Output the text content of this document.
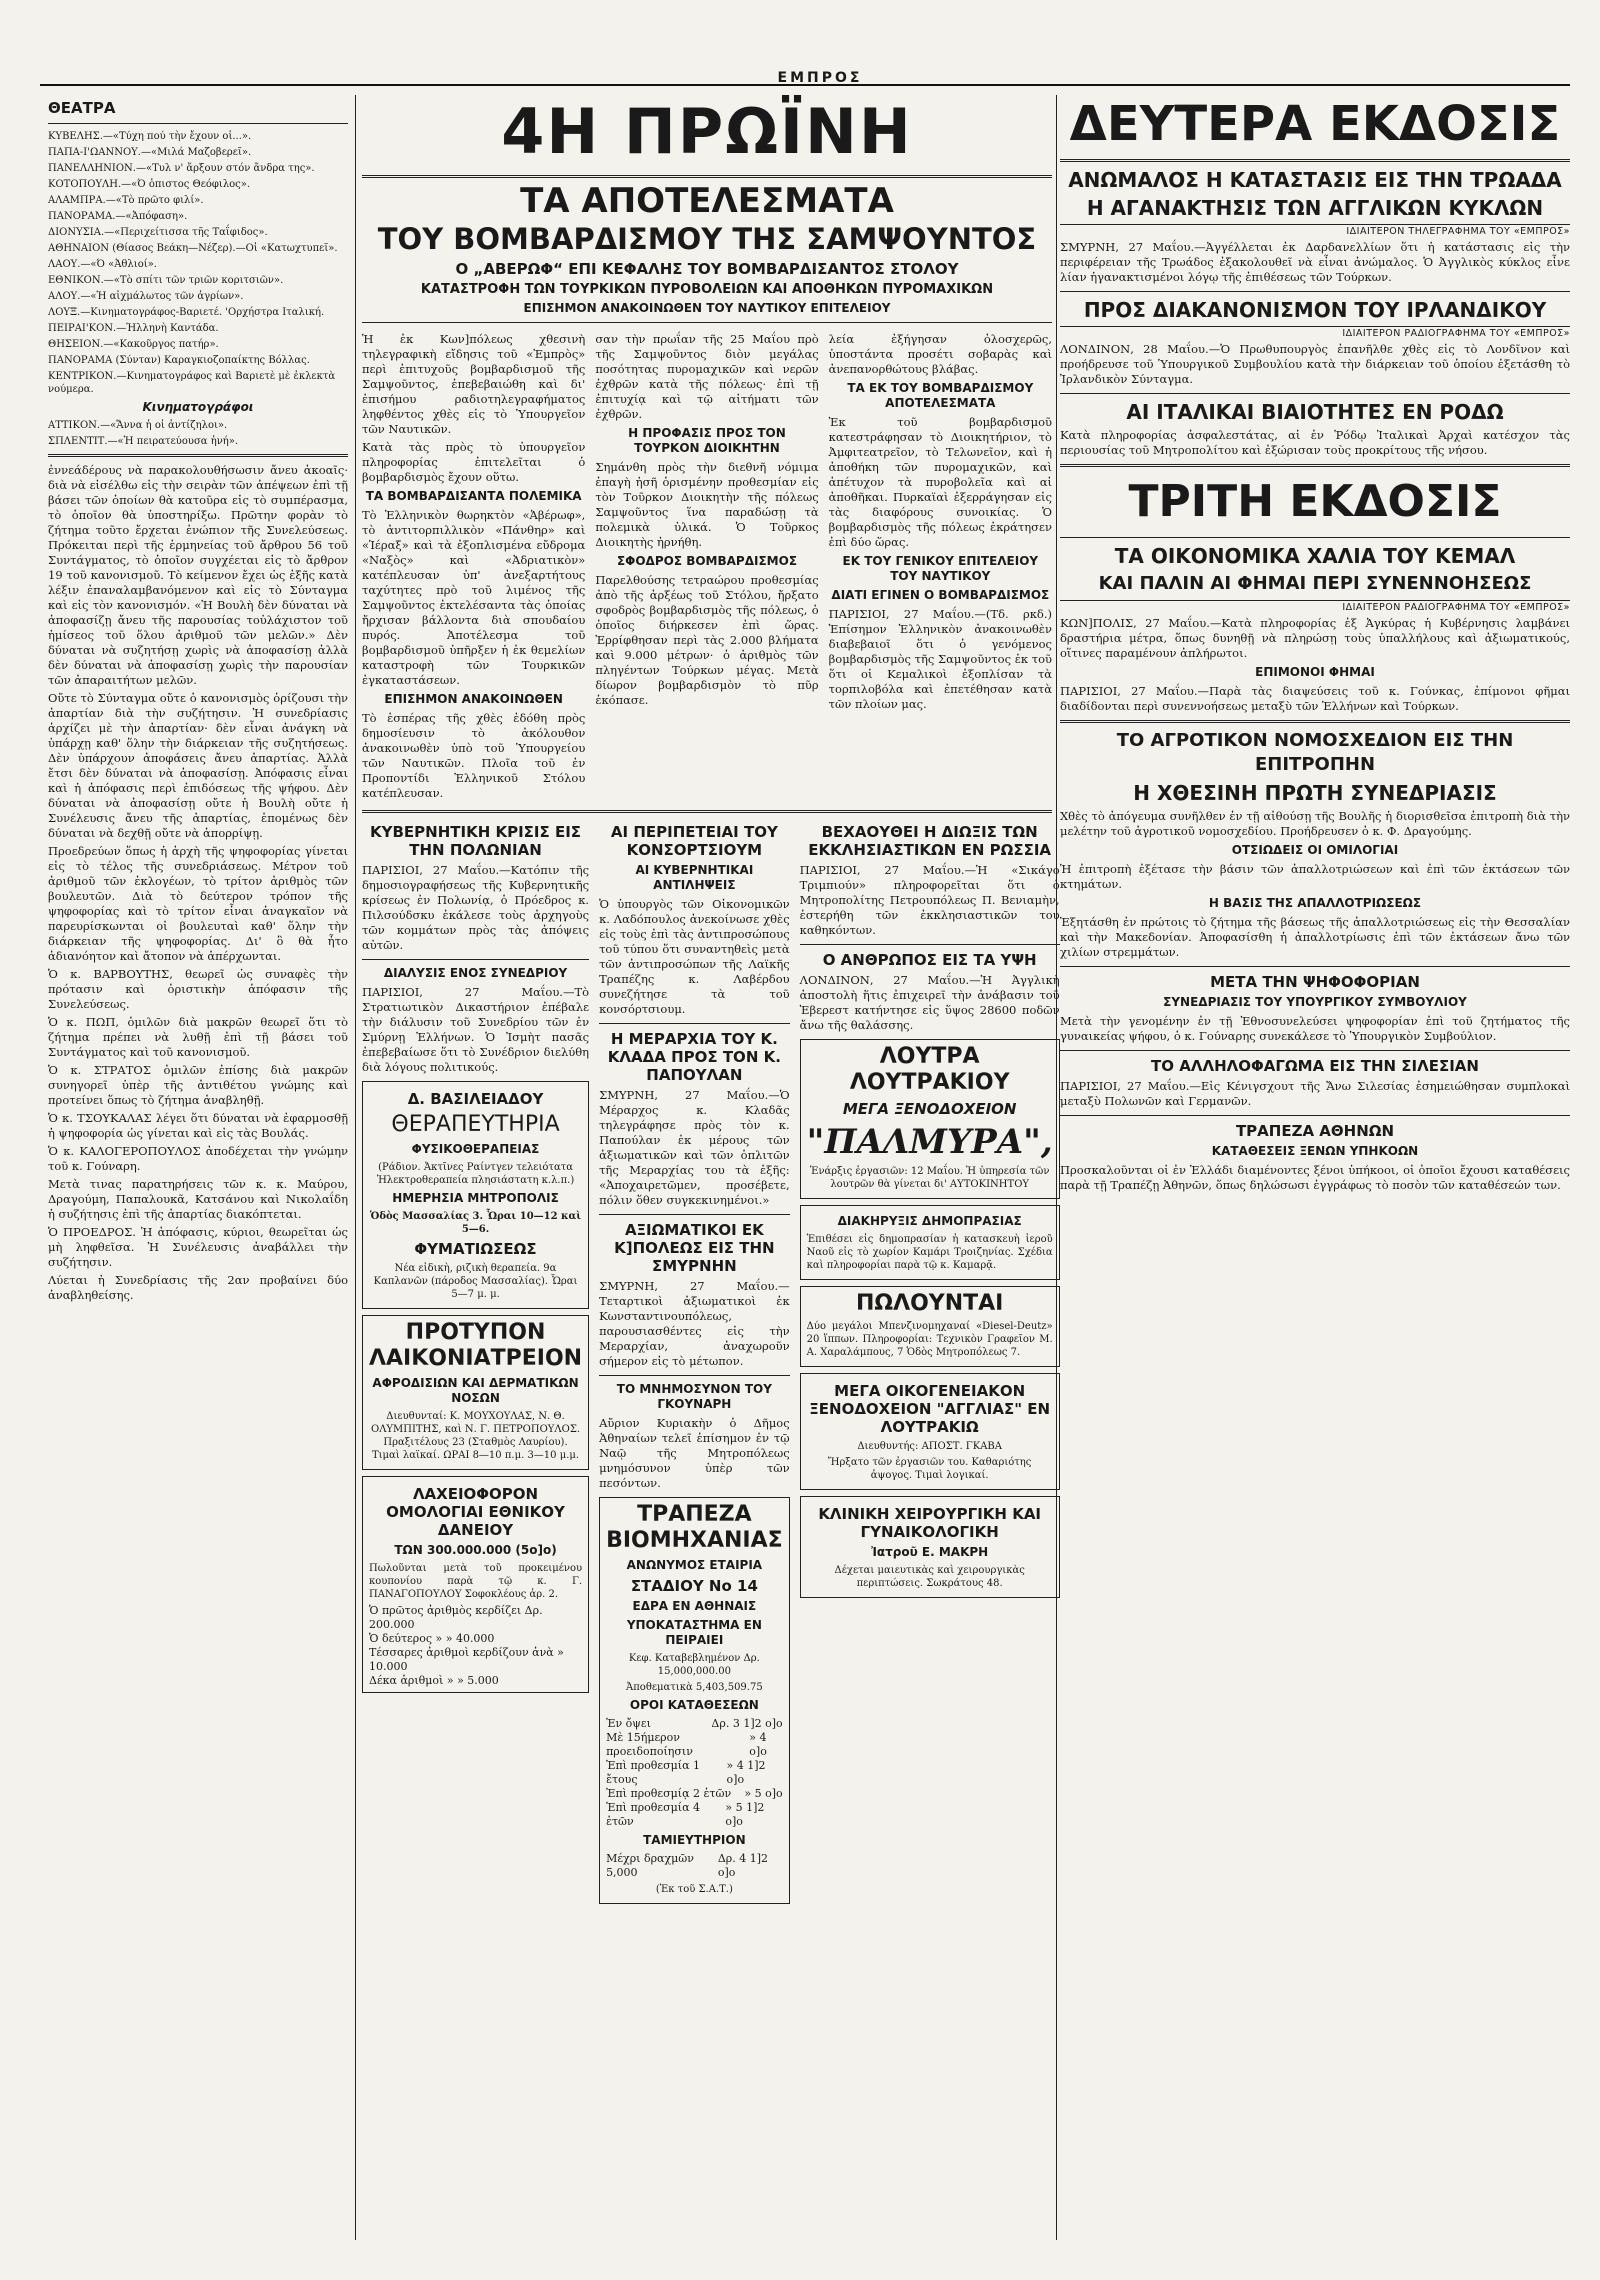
ΕΜΠΡΟΣ
ΘΕΑΤΡΑ
ΚΥΒΕΛΗΣ.—«Τύχη πού τὴν ἔχουν οἱ...».
ΠΑΠΑ-Ι'ΩΑΝΝΟΥ.—«Μιλά Μαζοβερεῖ».
ΠΑΝΕΛΛΗΝΙΟΝ.—«Τυλ ν' ἄρξουν στόν ἄνδρα της».
ΚΟΤΟΠΟΥΛΗ.—«Ό ὁπιστος Θεόφιλος».
ΑΛΑΜΠΡΑ.—«Τὸ πρῶτο φιλί».
ΠΑΝΟΡΑΜΑ.—«Ἀπόφαση».
ΔΙΟΝΥΣΙΑ.—«Περιχείτισσα τῆς Ταΐφιδος».
ΑΘΗΝΑΙΟΝ (Θίασος Βεάκη—Νέζερ).—Οἱ «Κατωχτυπεῖ».
ΛΑΟΥ.—«Ό «Ἀθλιοί».
ΕΘΝΙΚΟΝ.—«Τὸ σπίτι τῶν τριῶν κοριτσιῶν».
ΑΛΟΥ.—«Ἡ αἰχμάλωτος τῶν ἀγρίων».
ΛΟΥΞ.—Κινηματογράφος-Βαριετέ. 'Ορχήστρα Ιταλική.
ΠΕΙΡΑΙ'ΚΟΝ.—Ἡλληνὴ Καντάδα.
ΘΗΣΕΙΟΝ.—«Κακοῦργος πατήρ».
ΠΑΝΟΡΑΜΑ (Σύνταν) Καραγκιοζοπαίκτης Βόλλας.
ΚΕΝΤΡΙΚΟΝ.—Κινηματογράφος καὶ Βαριετὲ μὲ ἐκλεκτὰ νούμερα.
Κινηματογράφοι
ΑΤΤΙΚΟΝ.—«Ἄννα ἡ οἱ ἀντίζηλοι».
ΣΠΛΕΝΤΙΤ.—«Ἡ πειρατεύουσα ἡνή».
ἐννεάδέρους νὰ παρακολουθήσωσιν ἄνευ ἀκοαῖς· διὰ νὰ εἰσέλθω εἰς τὴν σειρὰν τῶν ἀπέψεων ἐπὶ τῇ βάσει τῶν ὁποίων θὰ κατοῦρα εἰς τὸ συμπέρασμα, τὸ ὁποῖον θὰ ὑποστηρίξω. Πρῶτην φορὰν τὸ ζήτημα τοῦτο ἔρχεται ἐνώπιον τῆς Συνελεύσεως. Πρόκειται περὶ τῆς ἑρμηνείας τοῦ ἄρθρου 56 τοῦ Συντάγματος, τὸ ὁποῖον συγχέεται εἰς τὸ ἄρθρον 19 τοῦ κανονισμοῦ. Τὸ κείμενον ἔχει ὡς ἑξῆς κατὰ λέξιν ἐπαναλαμβανόμενον καὶ εἰς τὸ Σύνταγμα καὶ εἰς τὸν κανονισμόν. «Ἡ Βουλὴ δὲν δύναται νὰ ἀποφασίζῃ ἄνευ τῆς παρουσίας τοὐλάχιστον τοῦ ἡμίσεος τοῦ ὅλου ἀριθμοῦ τῶν μελῶν.» Δὲν δύναται νὰ συζητήσῃ χωρὶς νὰ ἀποφασίσῃ ἀλλὰ δὲν δύναται νὰ ἀποφασίσῃ χωρὶς τὴν παρουσίαν τῶν ἀπαραιτήτων μελῶν.
Οὔτε τὸ Σύνταγμα οὔτε ὁ κανονισμὸς ὁρίζουσι τὴν ἀπαρτίαν διὰ τὴν συζήτησιν. Ἡ συνεδρίασις ἀρχίζει μὲ τὴν ἀπαρτίαν· δὲν εἶναι ἀνάγκη νὰ ὑπάρχῃ καθ' ὅλην τὴν διάρκειαν τῆς συζητήσεως. Δὲν ὑπάρχουν ἀποφάσεις ἄνευ ἀπαρτίας. Ἀλλὰ ἔτσι δὲν δύναται νὰ ἀποφασίσῃ. Ἀπόφασις εἶναι καὶ ἡ ἀπόφασις περὶ ἐπιδόσεως τῆς ψήφου. Δὲν δύναται νὰ ἀποφασίσῃ οὔτε ἡ Βουλὴ οὔτε ἡ Συνέλευσις ἄνευ τῆς ἀπαρτίας, ἑπομένως δὲν δύναται νὰ δεχθῇ οὔτε νὰ ἀπορρίψῃ.
Προεδρεύων ὅπως ἡ ἀρχὴ τῆς ψηφοφορίας γίνεται εἰς τὸ τέλος τῆς συνεδριάσεως. Μέτρον τοῦ ἀριθμοῦ τῶν ἐκλογέων, τὸ τρίτον ἀριθμὸς τῶν βουλευτῶν. Διὰ τὸ δεύτερον τρόπον τῆς ψηφοφορίας καὶ τὸ τρίτον εἶναι ἀναγκαῖον νὰ παρευρίσκωνται οἱ βουλευταὶ καθ' ὅλην τὴν διάρκειαν τῆς ψηφοφορίας. Δι' ὃ θὰ ἦτο ἀδιανόητον καὶ ἄτοπον νὰ ἀπέρχωνται.
Ὁ κ. ΒΑΡΒΟΥΤΗΣ, θεωρεῖ ὡς συναφὲς τὴν πρότασιν καὶ ὁριστικὴν ἀπόφασιν τῆς Συνελεύσεως.
Ὁ κ. ΠΩΠ, ὁμιλῶν διὰ μακρῶν θεωρεῖ ὅτι τὸ ζήτημα πρέπει νὰ λυθῇ ἐπὶ τῇ βάσει τοῦ Συντάγματος καὶ τοῦ κανονισμοῦ.
Ὁ κ. ΣΤΡΑΤΟΣ ὁμιλῶν ἐπίσης διὰ μακρῶν συνηγορεῖ ὑπὲρ τῆς ἀντιθέτου γνώμης καὶ προτείνει ὅπως τὸ ζήτημα ἀναβληθῇ.
Ὁ κ. ΤΣΟΥΚΑΛΑΣ λέγει ὅτι δύναται νὰ ἐφαρμοσθῇ ἡ ψηφοφορία ὡς γίνεται καὶ εἰς τὰς Βουλάς.
Ὁ κ. ΚΑΛΟΓΕΡΟΠΟΥΛΟΣ ἀποδέχεται τὴν γνώμην τοῦ κ. Γούναρη.
Μετὰ τινας παρατηρήσεις τῶν κ. κ. Μαύρου, Δραγούμη, Παπαλουκᾶ, Κατσάνου καὶ Νικολαΐδη ἡ συζήτησις ἐπὶ τῆς ἀπαρτίας διακόπτεται.
Ὁ ΠΡΟΕΔΡΟΣ. Ἡ ἀπόφασις, κύριοι, θεωρεῖται ὡς μὴ ληφθεῖσα. Ἡ Συνέλευσις ἀναβάλλει τὴν συζήτησιν.
Λύεται ἡ Συνεδρίασις τῆς 2αν προβαίνει δύο ἀναβληθείσης.
4Η ΠΡΩΪΝΗ
ΤΑ ΑΠΟΤΕΛΕΣΜΑΤΑ
ΤΟΥ ΒΟΜΒΑΡΔΙΣΜΟΥ ΤΗΣ ΣΑΜΨΟΥΝΤΟΣ
Ο „ΑΒΕΡΩΦ“ ΕΠΙ ΚΕΦΑΛΗΣ ΤΟΥ ΒΟΜΒΑΡΔΙΣΑΝΤΟΣ ΣΤΟΛΟΥ
ΚΑΤΑΣΤΡΟΦΗ ΤΩΝ ΤΟΥΡΚΙΚΩΝ ΠΥΡΟΒΟΛΕΙΩΝ ΚΑΙ ΑΠΟΘΗΚΩΝ ΠΥΡΟΜΑΧΙΚΩΝ
ΕΠΙΣΗΜΟΝ ΑΝΑΚΟΙΝΩΘΕΝ ΤΟΥ ΝΑΥΤΙΚΟΥ ΕΠΙΤΕΛΕΙΟΥ
Ἡ ἐκ Κων]πόλεως χθεσινὴ τηλεγραφικὴ εἴδησις τοῦ «Ἐμπρὸς» περὶ ἐπιτυχοῦς βομβαρδισμοῦ τῆς Σαμψοῦντος, ἐπεβεβαιώθη καὶ δι' ἐπισήμου ραδιοτηλεγραφήματος ληφθέντος χθὲς εἰς τὸ Ὑπουργεῖον τῶν Ναυτικῶν.
Κατὰ τὰς πρὸς τὸ ὑπουργεῖον πληροφορίας ἐπιτελεῖται ὁ βομβαρδισμὸς ἔχουν οὕτω.
ΤΑ ΒΟΜΒΑΡΔΙΣΑΝΤΑ ΠΟΛΕΜΙΚΑ
Τὸ Ἑλληνικὸν θωρηκτὸν «Ἀβέρωφ», τὸ ἀντιτορπιλλικὸν «Πάνθηρ» καὶ «Ἱέραξ» καὶ τὰ ἐξοπλισμένα εὔδρομα «Ναξὸς» καὶ «Ἀδριατικὸν» κατέπλευσαν ὑπ' ἀνεξαρτήτους ταχύτητες πρὸ τοῦ λιμένος τῆς Σαμψοῦντος ἐκτελέσαντα τὰς ὁποίας ἤρχισαν βάλλοντα διὰ σπουδαίου πυρός. Ἀποτέλεσμα τοῦ βομβαρδισμοῦ ὑπῆρξεν ἡ ἐκ θεμελίων καταστροφὴ τῶν Τουρκικῶν ἐγκαταστάσεων.
ΕΠΙΣΗΜΟΝ ΑΝΑΚΟΙΝΩΘΕΝ
Τὸ ἑσπέρας τῆς χθὲς ἐδόθη πρὸς δημοσίευσιν τὸ ἀκόλουθον ἀνακοινωθὲν ὑπὸ τοῦ Ὑπουργείου τῶν Ναυτικῶν. Πλοῖα τοῦ ἐν Προποντίδι Ἑλληνικοῦ Στόλου κατέπλευσαν.
σαν τὴν πρωΐαν τῆς 25 Μαΐου πρὸ τῆς Σαμψοῦντος διὸν μεγάλας ποσότητας πυρομαχικῶν καὶ νερῶν ἐχθρῶν κατὰ τῆς πόλεως· ἐπὶ τῇ ἐπιτυχίᾳ καὶ τῷ αἰτήματι τῶν ἐχθρῶν.
Η ΠΡΟΦΑΣΙΣ ΠΡΟΣ ΤΟΝ ΤΟΥΡΚΟΝ ΔΙΟΙΚΗΤΗΝ
Σημάνθη πρὸς τὴν διεθνῆ νόμιμα ἐπαγὴ ἠσῆ ὁρισμένην προθεσμίαν εἰς τὸν Τοῦρκον Διοικητὴν τῆς πόλεως Σαμψοῦντος ἵνα παραδώσῃ τὰ πολεμικὰ ὑλικά. Ὁ Τοῦρκος Διοικητὴς ἠρνήθη.
ΣΦΟΔΡΟΣ ΒΟΜΒΑΡΔΙΣΜΟΣ
Παρελθούσης τετραώρου προθεσμίας ἀπὸ τῆς ἀρξέως τοῦ Στόλου, ἤρξατο σφοδρὸς βομβαρδισμὸς τῆς πόλεως, ὁ ὁποῖος διήρκεσεν ἐπὶ ὥρας. Ἐρρίφθησαν περὶ τὰς 2.000 βλήματα καὶ 9.000 μέτρων· ὁ ἀριθμὸς τῶν πληγέντων Τούρκων μέγας. Μετὰ δίωρον βομβαρδισμὸν τὸ πῦρ ἐκόπασε.
λεία ἐξήγησαν ὁλοσχερῶς, ὑποστάντα προσέτι σοβαρὰς καὶ ἀνεπανορθώτους βλάβας.
ΤΑ ΕΚ ΤΟΥ ΒΟΜΒΑΡΔΙΣΜΟΥ ΑΠΟΤΕΛΕΣΜΑΤΑ
Ἐκ τοῦ βομβαρδισμοῦ κατεστράφησαν τὸ Διοικητήριον, τὸ Ἀμφιτεατρεῖον, τὸ Τελωνεῖον, καὶ ἡ ἀποθήκη τῶν πυρομαχικῶν, καὶ ἀπέτυχον τὰ πυροβολεῖα καὶ αἱ ἀποθῆκαι. Πυρκαϊαὶ ἐξερράγησαν εἰς τὰς διαφόρους συνοικίας. Ὁ βομβαρδισμὸς τῆς πόλεως ἐκράτησεν ἐπὶ δύο ὥρας.
ΕΚ ΤΟΥ ΓΕΝΙΚΟΥ ΕΠΙΤΕΛΕΙΟΥ ΤΟΥ ΝΑΥΤΙΚΟΥ
ΔΙΑΤΙ ΕΓΙΝΕΝ Ο ΒΟΜΒΑΡΔΙΣΜΟΣ
ΠΑΡΙΣΙΟΙ, 27 Μαΐου.—(Τδ. ρκδ.) Ἐπίσημον Ἑλληνικὸν ἀνακοινωθὲν διαβεβαιοῖ ὅτι ὁ γενόμενος βομβαρδισμὸς τῆς Σαμψοῦντος ἐκ τοῦ ὅτι οἱ Κεμαλικοὶ ἐξοπλίσαν τὰ τορπιλοβόλα καὶ ἐπετέθησαν κατὰ τῶν πλοίων μας.
ΚΥΒΕΡΝΗΤΙΚΗ ΚΡΙΣΙΣ ΕΙΣ ΤΗΝ ΠΟΛΩΝΙΑΝ
ΠΑΡΙΣΙΟΙ, 27 Μαΐου.—Κατόπιν τῆς δημοσιογραφήσεως τῆς Κυβερνητικῆς κρίσεως ἐν Πολωνίᾳ, ὁ Πρόεδρος κ. Πιλσούδσκυ ἐκάλεσε τοὺς ἀρχηγοὺς τῶν κομμάτων πρὸς τὰς ἀπόψεις αὐτῶν.
ΔΙΑΛΥΣΙΣ ΕΝΟΣ ΣΥΝΕΔΡΙΟΥ
ΠΑΡΙΣΙΟΙ, 27 Μαΐου.—Τὸ Στρατιωτικὸν Δικαστήριον ἐπέβαλε τὴν διάλυσιν τοῦ Συνεδρίου τῶν ἐν Σμύρνῃ Ἑλλήνων. Ὁ Ἰσμὴτ πασᾶς ἐπεβεβαίωσε ὅτι τὸ Συνέδριον διελύθη διὰ λόγους πολιτικούς.
Δ. ΒΑΣΙΛΕΙΑΔΟΥ
ΘΕΡΑΠΕΥΤΗΡΙΑ
ΦΥΣΙΚΟΘΕΡΑΠΕΙΑΣ
(Ράδιον. Ἀκτῖνες Ραίντγεν τελειότατα Ἠλεκτροθεραπεία πλησιάστατη κ.λ.π.)
ΗΜΕΡΗΣΙΑ ΜΗΤΡΟΠΟΛΙΣ
Ὁδὸς Μασσαλίας 3. Ὧραι 10—12 καὶ 5—6.
ΦΥΜΑΤΙΩΣΕΩΣ
Νέα εἰδικὴ, ριζικὴ θεραπεία. 9α Καπλανῶν (πάροδος Μασσαλίας). Ὧραι 5—7 μ. μ.
ΠΡΟΤΥΠΟΝ ΛΑΙΚΟΝΙΑΤΡΕΙΟΝ
ΑΦΡΟΔΙΣΙΩΝ ΚΑΙ ΔΕΡΜΑΤΙΚΩΝ ΝΟΣΩΝ
Διευθυνταί: Κ. ΜΟΥΧΟΥΛΑΣ, Ν. Θ. ΟΛΥΜΠΙΤΗΣ, καὶ Ν. Γ. ΠΕΤΡΟΠΟΥΛΟΣ. Πραξιτέλους 23 (Σταθμὸς Λαυρίου). Τιμαὶ λαϊκαί. ΩΡΑΙ 8—10 π.μ. 3—10 μ.μ.
ΛΑΧΕΙΟΦΟΡΟΝ ΟΜΟΛΟΓΙΑΙ ΕΘΝΙΚΟΥ ΔΑΝΕΙΟΥ
ΤΩΝ 300.000.000 (5ο]ο)
Πωλοῦνται μετὰ τοῦ προκειμένου κουπονίου παρὰ τῷ κ. Γ. ΠΑΝΑΓΟΠΟΥΛΟΥ Σοφοκλέους ἀρ. 2.
Ὁ πρῶτος ἀριθμὸς κερδίζει Δρ. 200.000
Ὁ δεύτερος » » 40.000
Τέσσαρες ἀριθμοὶ κερδίζουν ἀνὰ » 10.000
Δέκα ἀριθμοὶ » » 5.000
ΑΙ ΠΕΡΙΠΕΤΕΙΑΙ ΤΟΥ ΚΟΝΣΟΡΤΣΙΟΥΜ
ΑΙ ΚΥΒΕΡΝΗΤΙΚΑΙ ΑΝΤΙΛΗΨΕΙΣ
Ὁ ὑπουργὸς τῶν Οἰκονομικῶν κ. Λαδόπουλος ἀνεκοίνωσε χθὲς εἰς τοὺς ἐπὶ τὰς ἀντιπροσώπους τοῦ τύπου ὅτι συναντηθεὶς μετὰ τῶν ἀντιπροσώπων τῆς Λαϊκῆς Τραπέζης κ. Λαβέρδου συνεζήτησε τὰ τοῦ κονσόρτσιουμ.
Η ΜΕΡΑΡΧΙΑ ΤΟΥ Κ. ΚΛΑΔΑ ΠΡΟΣ ΤΟΝ Κ. ΠΑΠΟΥΛΑΝ
ΣΜΥΡΝΗ, 27 Μαΐου.—Ὁ Μέραρχος κ. Κλαδᾶς τηλεγράφησε πρὸς τὸν κ. Παπούλαν ἐκ μέρους τῶν ἀξιωματικῶν καὶ τῶν ὁπλιτῶν τῆς Μεραρχίας του τὰ ἑξῆς: «Ἀποχαιρετῶμεν, προσέβετε, πόλιν ὅθεν συγκεκινημένοι.»
ΑΞΙΩΜΑΤΙΚΟΙ ΕΚ Κ]ΠΟΛΕΩΣ ΕΙΣ ΤΗΝ ΣΜΥΡΝΗΝ
ΣΜΥΡΝΗ, 27 Μαΐου.—Τεταρτικοὶ ἀξιωματικοὶ ἐκ Κωνσταντινουπόλεως, παρουσιασθέντες εἰς τὴν Μεραρχίαν, ἀναχωροῦν σήμερον εἰς τὸ μέτωπον.
ΤΟ ΜΝΗΜΟΣΥΝΟΝ ΤΟΥ ΓΚΟΥΝΑΡΗ
Αὔριον Κυριακὴν ὁ Δῆμος Ἀθηναίων τελεῖ ἐπίσημον ἐν τῷ Ναῷ τῆς Μητροπόλεως μνημόσυνον ὑπὲρ τῶν πεσόντων.
ΤΡΑΠΕΖΑ ΒΙΟΜΗΧΑΝΙΑΣ
ΑΝΩΝΥΜΟΣ ΕΤΑΙΡΙΑ
ΣΤΑΔΙΟΥ Νο 14
ΕΔΡΑ ΕΝ ΑΘΗΝΑΙΣ
ΥΠΟΚΑΤΑΣΤΗΜΑ ΕΝ ΠΕΙΡΑΙΕΙ
Κεφ. Καταβεβλημένον Δρ. 15,000,000.00
Ἀποθεματικὰ 5,403,509.75
ΟΡΟΙ ΚΑΤΑΘΕΣΕΩΝ
Ἐν ὄψει	Δρ. 3 1]2 ο]ο
Μὲ 15ήμερον προειδοποίησιν
» 4 ο]ο
Ἐπὶ προθεσμία 1 ἔτους
» 4 1]2 ο]ο
Ἐπὶ προθεσμίᾳ 2 ἐτῶν » 5 ο]ο
Ἐπὶ προθεσμία 4 ἐτῶν
» 5 1]2 ο]ο
ΤΑΜΙΕΥΤΗΡΙΟΝ
Μέχρι δραχμῶν 5,000
Δρ. 4 1]2 ο]ο
(Ἐκ τοῦ Σ.Α.Τ.)
ΒΕΧΑΟΥΘΕΙ Η ΔΙΩΞΙΣ ΤΩΝ ΕΚΚΛΗΣΙΑΣΤΙΚΩΝ ΕΝ ΡΩΣΣΙΑ
ΠΑΡΙΣΙΟΙ, 27 Μαΐου.—Ἡ «Σικάγο Τριμπιούν» πληροφορεῖται ὅτι ὁ Μητροπολίτης Πετρουπόλεως Π. Βενιαμὴν, ἐστερήθη τῶν ἐκκλησιαστικῶν του καθηκόντων.
Ο ΑΝΘΡΩΠΟΣ ΕΙΣ ΤΑ ΥΨΗ
ΛΟΝΔΙΝΟΝ, 27 Μαΐου.—Ἡ Ἀγγλικὴ ἀποστολὴ ἥτις ἐπιχειρεῖ τὴν ἀνάβασιν τοῦ Ἐβερεστ κατήντησε εἰς ὕψος 28600 ποδῶν ἄνω τῆς θαλάσσης.
ΛΟΥΤΡΑ ΛΟΥΤΡΑΚΙΟΥ
ΜΕΓΑ ΞΕΝΟΔΟΧΕΙΟΝ
"ΠΑΛΜΥΡΑ",
Ἐνάρξις ἐργασιῶν: 12 Μαΐου. Ἡ ὑπηρεσία τῶν λουτρῶν θὰ γίνεται δι' ΑΥΤΟΚΙΝΗΤΟΥ
ΔΙΑΚΗΡΥΞΙΣ ΔΗΜΟΠΡΑΣΙΑΣ
Ἐπιθέσει εἰς δημοπρασίαν ἡ κατασκευὴ ἱεροῦ Ναοῦ εἰς τὸ χωρίον Καμάρι Τροιζηνίας. Σχέδια καὶ πληροφορίαι παρὰ τῷ κ. Καμαρᾷ.
ΠΩΛΟΥΝΤΑΙ
Δύο μεγάλοι Μπενζινομηχαναί «Diesel-Deutz» 20 ἵππων. Πληροφορίαι: Τεχνικὸν Γραφεῖον Μ. Α. Χαραλάμπους, 7 Ὁδὸς Μητροπόλεως 7.
ΜΕΓΑ ΟΙΚΟΓΕΝΕΙΑΚΟΝ ΞΕΝΟΔΟΧΕΙΟΝ "ΑΓΓΛΙΑΣ" ΕΝ ΛΟΥΤΡΑΚΙΩ
Διευθυντής: ΑΠΟΣΤ. ΓΚΑΒΑ
Ἤρξατο τῶν ἐργασιῶν του. Καθαριότης ἀψογος. Τιμαὶ λογικαί.
ΚΛΙΝΙΚΗ ΧΕΙΡΟΥΡΓΙΚΗ ΚΑΙ ΓΥΝΑΙΚΟΛΟΓΙΚΗ
Ἰατροῦ Ε. ΜΑΚΡΗ
Δέχεται μαιευτικὰς καὶ χειρουργικὰς περιπτώσεις. Σωκράτους 48.
ΔΕΥΤΕΡΑ ΕΚΔΟΣΙΣ
ΑΝΩΜΑΛΟΣ Η ΚΑΤΑΣΤΑΣΙΣ ΕΙΣ ΤΗΝ ΤΡΩΑΔΑ
Η ΑΓΑΝΑΚΤΗΣΙΣ ΤΩΝ ΑΓΓΛΙΚΩΝ ΚΥΚΛΩΝ
ΙΔΙΑΙΤΕΡΟΝ ΤΗΛΕΓΡΑΦΗΜΑ ΤΟΥ «ΕΜΠΡΟΣ»
ΣΜΥΡΝΗ, 27 Μαΐου.—Ἀγγέλλεται ἐκ Δαρδανελλίων ὅτι ἡ κατάστασις εἰς τὴν περιφέρειαν τῆς Τρωάδος ἐξακολουθεῖ νὰ εἶναι ἀνώμαλος. Ὁ Ἀγγλικὸς κύκλος εἶνε λίαν ἠγανακτισμένοι λόγῳ τῆς ἐπιθέσεως τῶν Τούρκων.
ΠΡΟΣ ΔΙΑΚΑΝΟΝΙΣΜΟΝ ΤΟΥ ΙΡΛΑΝΔΙΚΟΥ
ΙΔΙΑΙΤΕΡΟΝ ΡΑΔΙΟΓΡΑΦΗΜΑ ΤΟΥ «ΕΜΠΡΟΣ»
ΛΟΝΔΙΝΟΝ, 28 Μαΐου.—Ὁ Πρωθυπουργὸς ἐπανῆλθε χθὲς εἰς τὸ Λονδῖνον καὶ προήδρευσε τοῦ Ὑπουργικοῦ Συμβουλίου κατὰ τὴν διάρκειαν τοῦ ὁποίου ἐξετάσθη τὸ Ἰρλανδικὸν Σύνταγμα.
ΑΙ ΙΤΑΛΙΚΑΙ ΒΙΑΙΟΤΗΤΕΣ ΕΝ ΡΟΔΩ
Κατὰ πληροφορίας ἀσφαλεστάτας, αἱ ἐν Ῥόδῳ Ἰταλικαὶ Ἀρχαὶ κατέσχον τὰς περιουσίας τοῦ Μητροπολίτου καὶ ἐξώρισαν τοὺς προκρίτους τῆς νήσου.
ΤΡΙΤΗ ΕΚΔΟΣΙΣ
ΤΑ ΟΙΚΟΝΟΜΙΚΑ ΧΑΛΙΑ ΤΟΥ ΚΕΜΑΛ
ΚΑΙ ΠΑΛΙΝ ΑΙ ΦΗΜΑΙ ΠΕΡΙ ΣΥΝΕΝΝΟΗΣΕΩΣ
ΙΔΙΑΙΤΕΡΟΝ ΡΑΔΙΟΓΡΑΦΗΜΑ ΤΟΥ «ΕΜΠΡΟΣ»
ΚΩΝ]ΠΟΛΙΣ, 27 Μαΐου.—Κατὰ πληροφορίας ἐξ Ἀγκύρας ἡ Κυβέρνησις λαμβάνει δραστήρια μέτρα, ὅπως δυνηθῇ νὰ πληρώσῃ τοὺς ὑπαλλήλους καὶ ἀξιωματικούς, οἵτινες παραμένουν ἀπλήρωτοι.
ΕΠΙΜΟΝΟΙ ΦΗΜΑΙ
ΠΑΡΙΣΙΟΙ, 27 Μαΐου.—Παρὰ τὰς διαψεύσεις τοῦ κ. Γούνκας, ἐπίμονοι φῆμαι διαδίδονται περὶ συνεννοήσεως μεταξὺ τῶν Ἑλλήνων καὶ Τούρκων.
ΤΟ ΑΓΡΟΤΙΚΟΝ ΝΟΜΟΣΧΕΔΙΟΝ ΕΙΣ ΤΗΝ ΕΠΙΤΡΟΠΗΝ
Η ΧΘΕΣΙΝΗ ΠΡΩΤΗ ΣΥΝΕΔΡΙΑΣΙΣ
Χθὲς τὸ ἀπόγευμα συνῆλθεν ἐν τῇ αἰθούσῃ τῆς Βουλῆς ἡ διορισθεῖσα ἐπιτροπὴ διὰ τὴν μελέτην τοῦ ἀγροτικοῦ νομοσχεδίου. Προήδρευσεν ὁ κ. Φ. Δραγούμης.
ΟΤΣΙΩΔΕΙΣ ΟΙ ΟΜΙΛΟΓΙΑΙ
Ἡ ἐπιτροπὴ ἐξέτασε τὴν βάσιν τῶν ἀπαλλοτριώσεων καὶ ἐπὶ τῶν ἐκτάσεων τῶν κτημάτων.
Η ΒΑΣΙΣ ΤΗΣ ΑΠΑΛΛΟΤΡΙΩΣΕΩΣ
Ἐξητάσθη ἐν πρώτοις τὸ ζήτημα τῆς βάσεως τῆς ἀπαλλοτριώσεως εἰς τὴν Θεσσαλίαν καὶ τὴν Μακεδονίαν. Ἀποφασίσθη ἡ ἀπαλλοτρίωσις ἐπὶ τῶν ἐκτάσεων ἄνω τῶν χιλίων στρεμμάτων.
ΜΕΤΑ ΤΗΝ ΨΗΦΟΦΟΡΙΑΝ
ΣΥΝΕΔΡΙΑΣΙΣ ΤΟΥ ΥΠΟΥΡΓΙΚΟΥ ΣΥΜΒΟΥΛΙΟΥ
Μετὰ τὴν γενομένην ἐν τῇ Ἐθνοσυνελεύσει ψηφοφορίαν ἐπὶ τοῦ ζητήματος τῆς γυναικείας ψήφου, ὁ κ. Γούναρης συνεκάλεσε τὸ Ὑπουργικὸν Συμβούλιον.
ΤΟ ΑΛΛΗΛΟΦΑΓΩΜΑ ΕΙΣ ΤΗΝ ΣΙΛΕΣΙΑΝ
ΠΑΡΙΣΙΟΙ, 27 Μαΐου.—Εἰς Κένιγσχουτ τῆς Ἄνω Σιλεσίας ἐσημειώθησαν συμπλοκαὶ μεταξὺ Πολωνῶν καὶ Γερμανῶν.
ΤΡΑΠΕΖΑ ΑΘΗΝΩΝ
ΚΑΤΑΘΕΣΕΙΣ ΞΕΝΩΝ ΥΠΗΚΟΩΝ
Προσκαλοῦνται οἱ ἐν Ἑλλάδι διαμένοντες ξένοι ὑπήκοοι, οἱ ὁποῖοι ἔχουσι καταθέσεις παρὰ τῇ Τραπέζῃ Ἀθηνῶν, ὅπως δηλώσωσι ἐγγράφως τὸ ποσὸν τῶν καταθέσεών των.
